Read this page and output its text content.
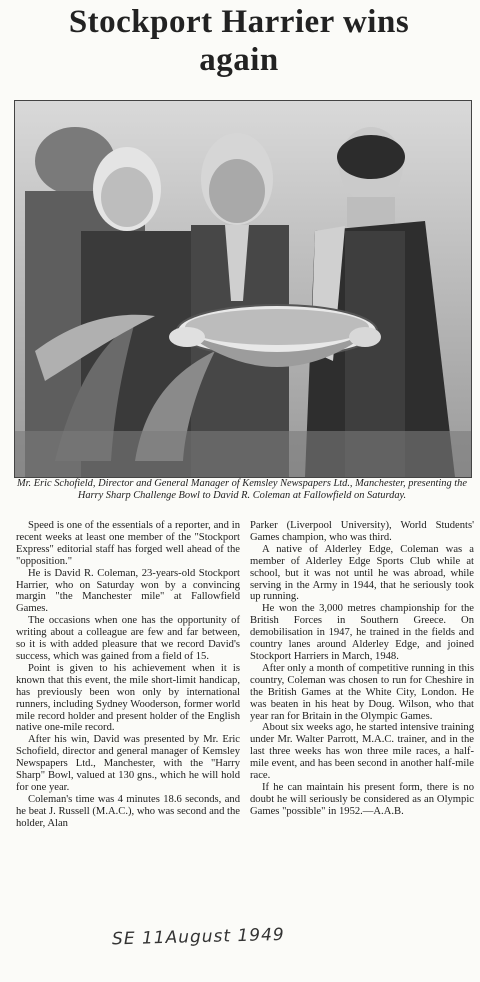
Stockport Harrier wins
again
Mr. Eric Schofield, Director and General Manager of Kemsley Newspapers Ltd., Manchester, presenting the Harry Sharp Challenge Bowl to David R. Coleman at Fallowfield on Saturday.

Speed is one of the essentials of a reporter, and in recent weeks at least one member of the "Stockport Express" editorial staff has forged well ahead of the "opposition."

He is David R. Coleman, 23-years-old Stockport Harrier, who on Saturday won by a convincing margin "the Manchester mile" at Fallowfield Games.

The occasions when one has the opportunity of writing about a colleague are few and far between, so it is with added pleasure that we record David's success, which was gained from a field of 15.

Point is given to his achievement when it is known that this event, the mile short-limit handicap, has previously been won only by international runners, including Sydney Wooderson, former world mile record holder and present holder of the English native one-mile record.

After his win, David was presented by Mr. Eric Schofield, director and general manager of Kemsley Newspapers Ltd., Manchester, with the "Harry Sharp" Bowl, valued at 130 gns., which he will hold for one year.

Coleman's time was 4 minutes 18.6 seconds, and he beat J. Russell (M.A.C.), who was second and the holder, Alan

Parker (Liverpool University), World Students' Games champion, who was third.

A native of Alderley Edge, Coleman was a member of Alderley Edge Sports Club while at school, but it was not until he was abroad, while serving in the Army in 1944, that he seriously took up running.

He won the 3,000 metres championship for the British Forces in Southern Greece. On demobilisation in 1947, he trained in the fields and country lanes around Alderley Edge, and joined Stockport Harriers in March, 1948.

After only a month of competitive running in this country, Coleman was chosen to run for Cheshire in the British Games at the White City, London. He was beaten in his heat by Doug. Wilson, who that year ran for Britain in the Olympic Games.

About six weeks ago, he started intensive training under Mr. Walter Parrott, M.A.C. trainer, and in the last three weeks has won three mile races, a half-mile event, and has been second in another half-mile race.

If he can maintain his present form, there is no doubt he will seriously be considered as an Olympic Games "possible" in 1952.—A.A.B.

SE 11August 1949
